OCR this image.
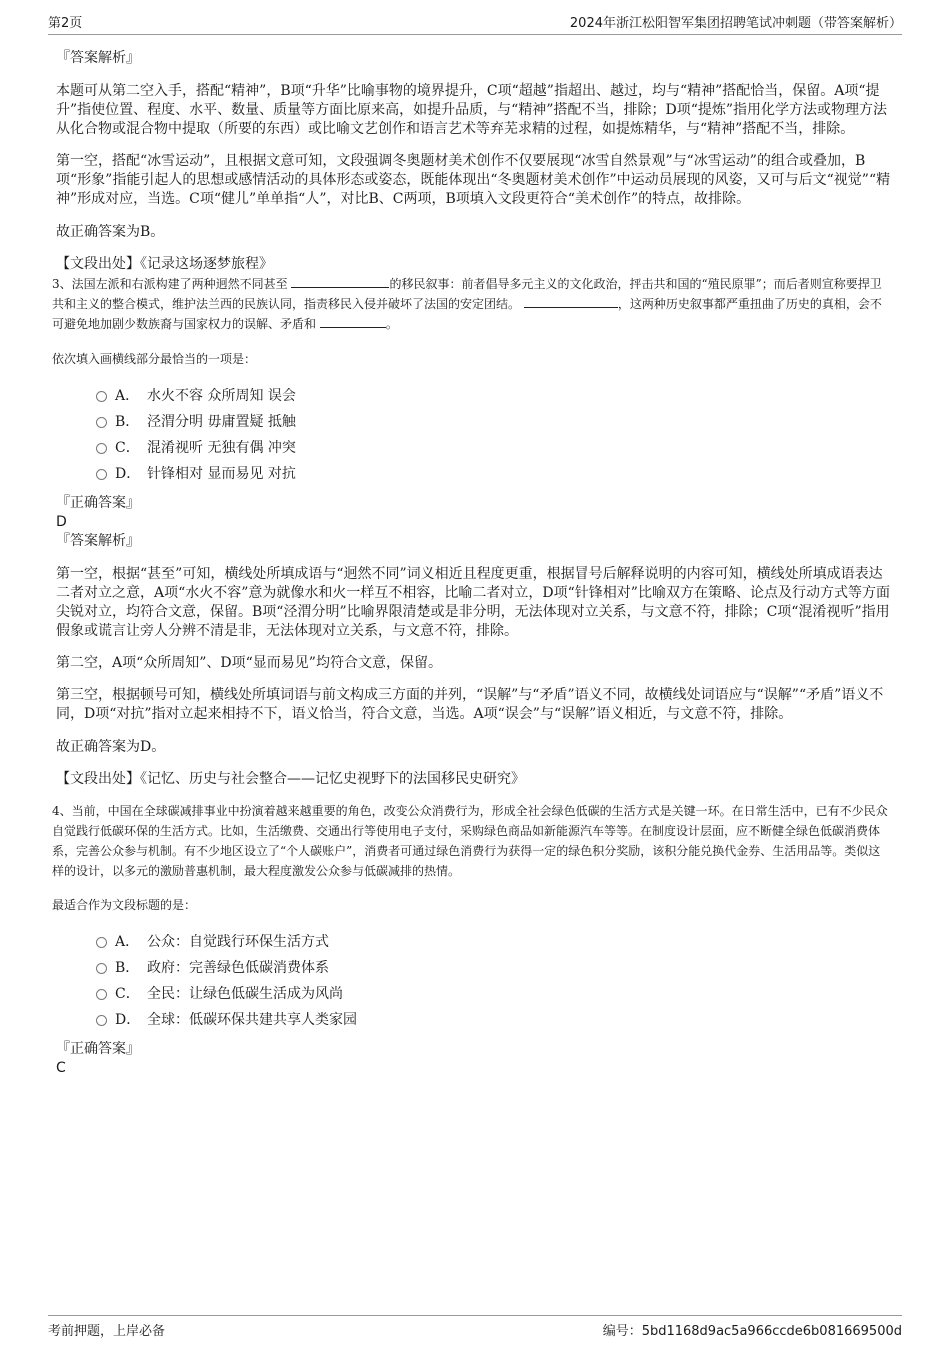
第2页	2024年浙江松阳智军集团招聘笔试冲刺题（带答案解析）

『答案解析』

本题可从第二空入手，搭配“精神”，B项“升华”比喻事物的境界提升，C项“超越”指超出、越过，均与“精神”搭配恰当，保留。A项“提升”指使位置、程度、水平、数量、质量等方面比原来高，如提升品质，与“精神”搭配不当，排除；D项“提炼”指用化学方法或物理方法从化合物或混合物中提取（所要的东西）或比喻文艺创作和语言艺术等弃芜求精的过程，如提炼精华，与“精神”搭配不当，排除。

第一空，搭配“冰雪运动”，且根据文意可知，文段强调冬奥题材美术创作不仅要展现“冰雪自然景观”与“冰雪运动”的组合或叠加，B项“形象”指能引起人的思想或感情活动的具体形态或姿态，既能体现出“冬奥题材美术创作”中运动员展现的风姿，又可与后文“视觉”“精神”形成对应，当选。C项“健儿”单单指“人”，对比B、C两项，B项填入文段更符合“美术创作”的特点，故排除。

故正确答案为B。

【文段出处】《记录这场逐梦旅程》

3、法国左派和右派构建了两种迥然不同甚至	的移民叙事：前者倡导多元主义的文化政治，抨击共和国的“殖民原罪”；而后者则宣称要捍卫共和主义的整合模式，维护法兰西的民族认同，指责移民入侵并破坏了法国的安定团结。	，这两种历史叙事都严重扭曲了历史的真相，会不可避免地加剧少数族裔与国家权力的误解、矛盾和	。

依次填入画横线部分最恰当的一项是：

A． 水火不容 众所周知 误会
B． 泾渭分明 毋庸置疑 抵触
C． 混淆视听 无独有偶 冲突
D． 针锋相对 显而易见 对抗

『正确答案』

D

『答案解析』

第一空，根据“甚至”可知，横线处所填成语与“迥然不同”词义相近且程度更重，根据冒号后解释说明的内容可知，横线处所填成语表达二者对立之意，A项“水火不容”意为就像水和火一样互不相容，比喻二者对立，D项“针锋相对”比喻双方在策略、论点及行动方式等方面尖锐对立，均符合文意，保留。B项“泾渭分明”比喻界限清楚或是非分明，无法体现对立关系，与文意不符，排除；C项“混淆视听”指用假象或谎言让旁人分辨不清是非，无法体现对立关系，与文意不符，排除。

第二空，A项“众所周知”、D项“显而易见”均符合文意，保留。

第三空，根据顿号可知，横线处所填词语与前文构成三方面的并列，“误解”与“矛盾”语义不同，故横线处词语应与“误解”“矛盾”语义不同，D项“对抗”指对立起来相持不下，语义恰当，符合文意，当选。A项“误会”与“误解”语义相近，与文意不符，排除。

故正确答案为D。

【文段出处】《记忆、历史与社会整合——记忆史视野下的法国移民史研究》

4、当前，中国在全球碳减排事业中扮演着越来越重要的角色，改变公众消费行为，形成全社会绿色低碳的生活方式是关键一环。在日常生活中，已有不少民众自觉践行低碳环保的生活方式。比如，生活缴费、交通出行等使用电子支付，采购绿色商品如新能源汽车等等。在制度设计层面，应不断健全绿色低碳消费体系，完善公众参与机制。有不少地区设立了“个人碳账户”，消费者可通过绿色消费行为获得一定的绿色积分奖励，该积分能兑换代金券、生活用品等。类似这样的设计，以多元的激励普惠机制，最大程度激发公众参与低碳减排的热情。

最适合作为文段标题的是：

A． 公众：自觉践行环保生活方式
B． 政府：完善绿色低碳消费体系
C． 全民：让绿色低碳生活成为风尚
D． 全球：低碳环保共建共享人类家园

『正确答案』

C

考前押题，上岸必备	编号：5bd1168d9ac5a966ccde6b081669500d
